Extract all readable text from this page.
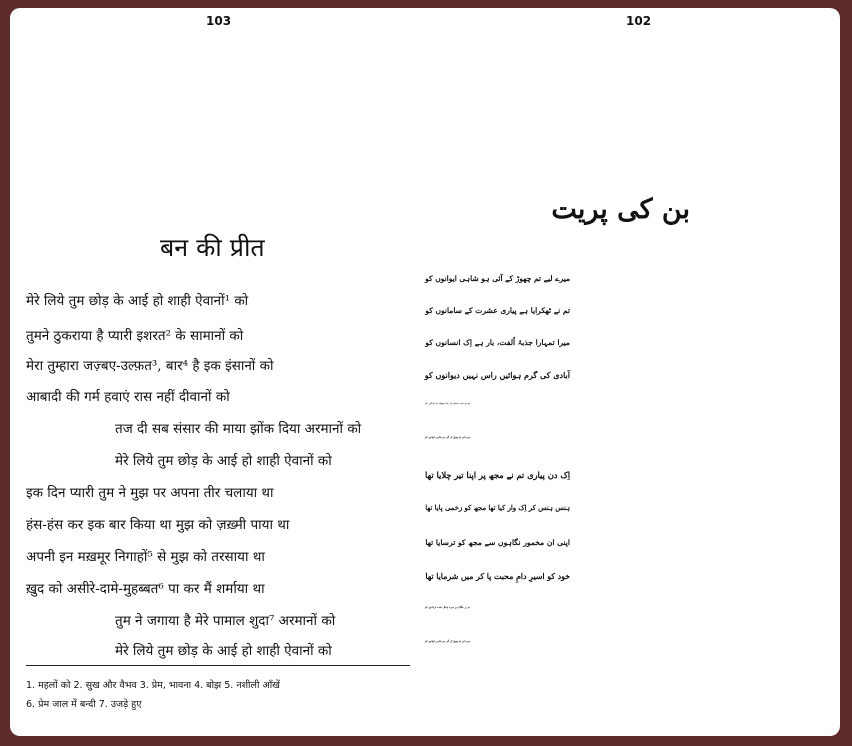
103
बन की प्रीत
मेरे लिये तुम छोड़ के आई हो शाही ऐवानों¹ को
तुमने ठुकराया है प्यारी इशरत² के सामानों को
मेरा तुम्हारा जज़्बए-उल्फ़त³, बार⁴ है इक इंसानों को
आबादी की गर्म हवाएं रास नहीं दीवानों को
तज दी सब संसार की माया झोंक दिया अरमानों को
मेरे लिये तुम छोड़ के आई हो शाही ऐवानों को
इक दिन प्यारी तुम ने मुझ पर अपना तीर चलाया था
हंस-हंस कर इक बार किया था मुझ को ज़ख़्मी पाया था
अपनी इन मख़मूर निगाहों⁵ से मुझ को तरसाया था
ख़ुद को असीरे-दामे-मुहब्बत⁶ पा कर मैं शर्माया था
तुम ने जगाया है मेरे पामाल शुदा⁷ अरमानों को
मेरे लिये तुम छोड़ के आई हो शाही ऐवानों को
1. महलों को 2. सुख और वैभव 3. प्रेम, भावना 4. बोझ 5. नशीली आँखें
6. प्रेम जाल में बन्दी 7. उजड़े हुए
102
بن کی پریت
میرے لیے تم چھوڑ کے آئی ہو شاہی ایوانوں کو
تم نے ٹھکرایا ہے پیاری عشرت کے سامانوں کو
میرا تمہارا جذبۂ اُلفت، بار ہے اِک انسانوں کو
آبادی کی گرم ہوائیں راس نہیں دیوانوں کو
تج دی سب سنسار کی مایا جھونک دیا ارمانوں کو
میرے لیے تم چھوڑ کے آئی ہو شاہی ایوانوں کو
اِک دن پیاری تم نے مجھ پر اپنا تیر چلایا تھا
ہنس ہنس کر اِک وار کیا تھا مجھ کو زخمی پایا تھا
اپنی ان مخمور نگاہوں سے مجھ کو ترسایا تھا
خود کو اسیرِ دامِ محبت پا کر میں شرمایا تھا
تم نے جگایا ہے میرے پامال شدہ ارمانوں کو
میرے لیے تم چھوڑ کے آئی ہو شاہی ایوانوں کو
